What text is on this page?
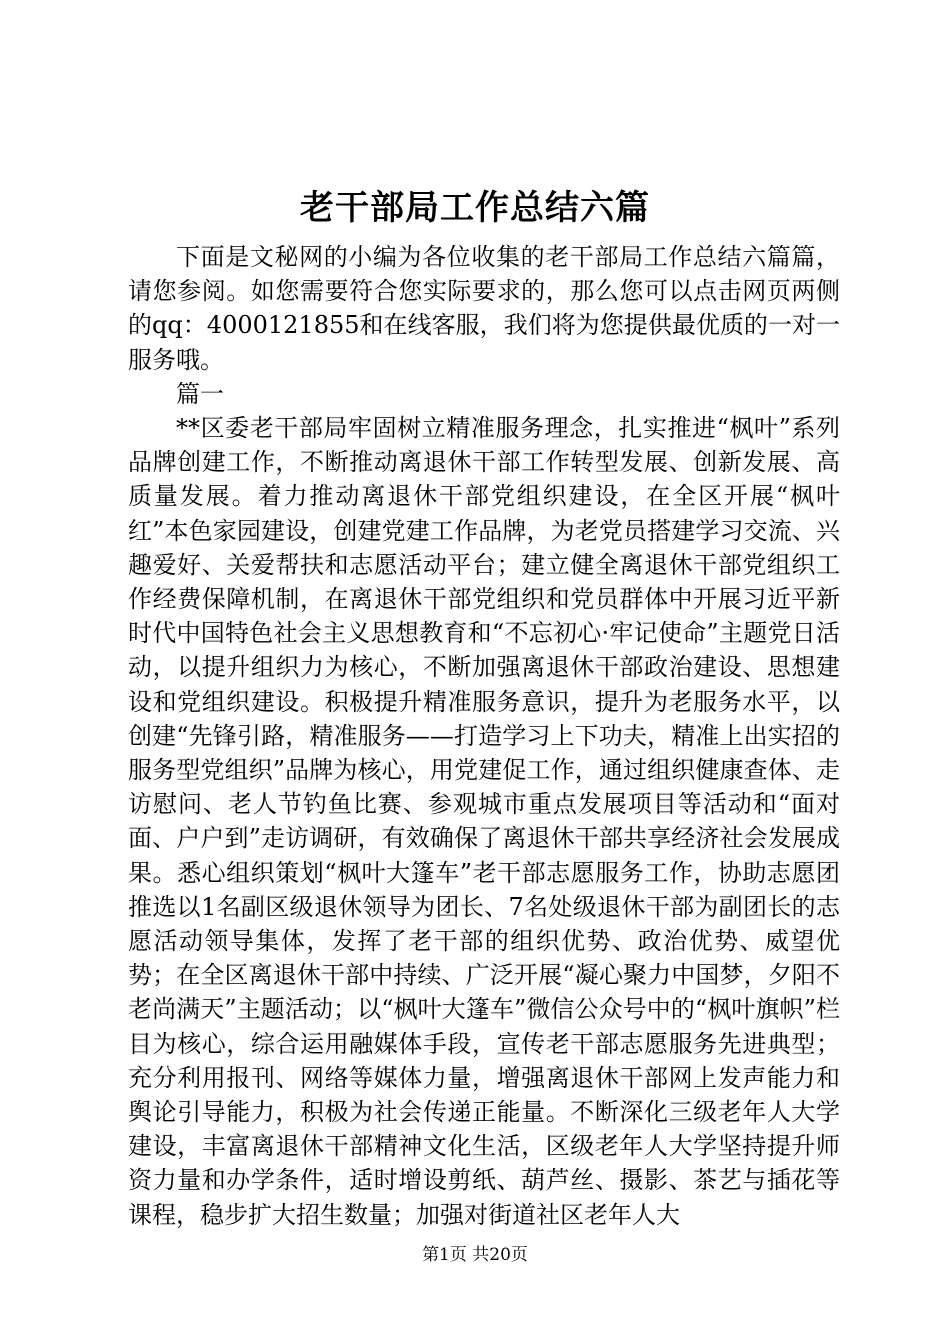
老干部局工作总结六篇

下面是文秘网的小编为各位收集的老干部局工作总结六篇篇，请您参阅。如您需要符合您实际要求的，那么您可以点击网页两侧的qq：4000121855和在线客服，我们将为您提供最优质的一对一服务哦。

篇一

**区委老干部局牢固树立精准服务理念，扎实推进“枫叶”系列品牌创建工作，不断推动离退休干部工作转型发展、创新发展、高质量发展。着力推动离退休干部党组织建设，在全区开展“枫叶红”本色家园建设，创建党建工作品牌，为老党员搭建学习交流、兴趣爱好、关爱帮扶和志愿活动平台；建立健全离退休干部党组织工作经费保障机制，在离退休干部党组织和党员群体中开展习近平新时代中国特色社会主义思想教育和“不忘初心·牢记使命”主题党日活动，以提升组织力为核心，不断加强离退休干部政治建设、思想建设和党组织建设。积极提升精准服务意识，提升为老服务水平，以创建“先锋引路，精准服务——打造学习上下功夫，精准上出实招的服务型党组织”品牌为核心，用党建促工作，通过组织健康查体、走访慰问、老人节钓鱼比赛、参观城市重点发展项目等活动和“面对面、户户到”走访调研，有效确保了离退休干部共享经济社会发展成果。悉心组织策划“枫叶大篷车”老干部志愿服务工作，协助志愿团推选以1名副区级退休领导为团长、7名处级退休干部为副团长的志愿活动领导集体，发挥了老干部的组织优势、政治优势、威望优势；在全区离退休干部中持续、广泛开展“凝心聚力中国梦，夕阳不老尚满天”主题活动；以“枫叶大篷车”微信公众号中的“枫叶旗帜”栏目为核心，综合运用融媒体手段，宣传老干部志愿服务先进典型；充分利用报刊、网络等媒体力量，增强离退休干部网上发声能力和舆论引导能力，积极为社会传递正能量。不断深化三级老年人大学建设，丰富离退休干部精神文化生活，区级老年人大学坚持提升师资力量和办学条件，适时增设剪纸、葫芦丝、摄影、茶艺与插花等课程，稳步扩大招生数量；加强对街道社区老年人大

第1页 共20页
